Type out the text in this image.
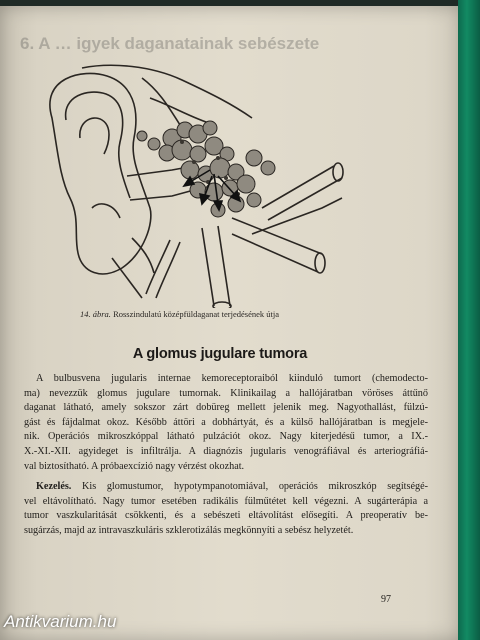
6. A … igyek daganatainak sebészete
14. ábra. Rosszindulatú középfüldaganat terjedésének útja
A glomus jugulare tumora
A bulbusvena jugularis internae kemoreceptoraiból kiinduló tumort (chemodecto-
ma) nevezzük glomus jugulare tumornak. Klinikailag a hallójáratban vöröses áttűnő
daganat látható, amely sokszor zárt dobüreg mellett jelenik meg. Nagyothallást, fülzú-
gást és fájdalmat okoz. Később áttöri a dobhártyát, és a külső hallójáratban is megjele-
nik. Operációs mikroszkóppal látható pulzációt okoz. Nagy kiterjedésű tumor, a IX.-
X.-XI.-XII. agyideget is infiltrálja. A diagnózis jugularis venográfiával és arteriográfiá-
val biztosítható. A próbaexcízió nagy vérzést okozhat.
Kezelés. Kis glomustumor, hypotympanotomiával, operációs mikroszkóp segítségé-
vel eltávolítható. Nagy tumor esetében radikális fülműtétet kell végezni. A sugárterápia a
tumor vaszkularitását csökkenti, és a sebészeti eltávolítást elősegíti. A preoperatív be-
sugárzás, majd az intravaszkuláris szklerotizálás megkönnyíti a sebész helyzetét.
97
Antikvarium.hu
